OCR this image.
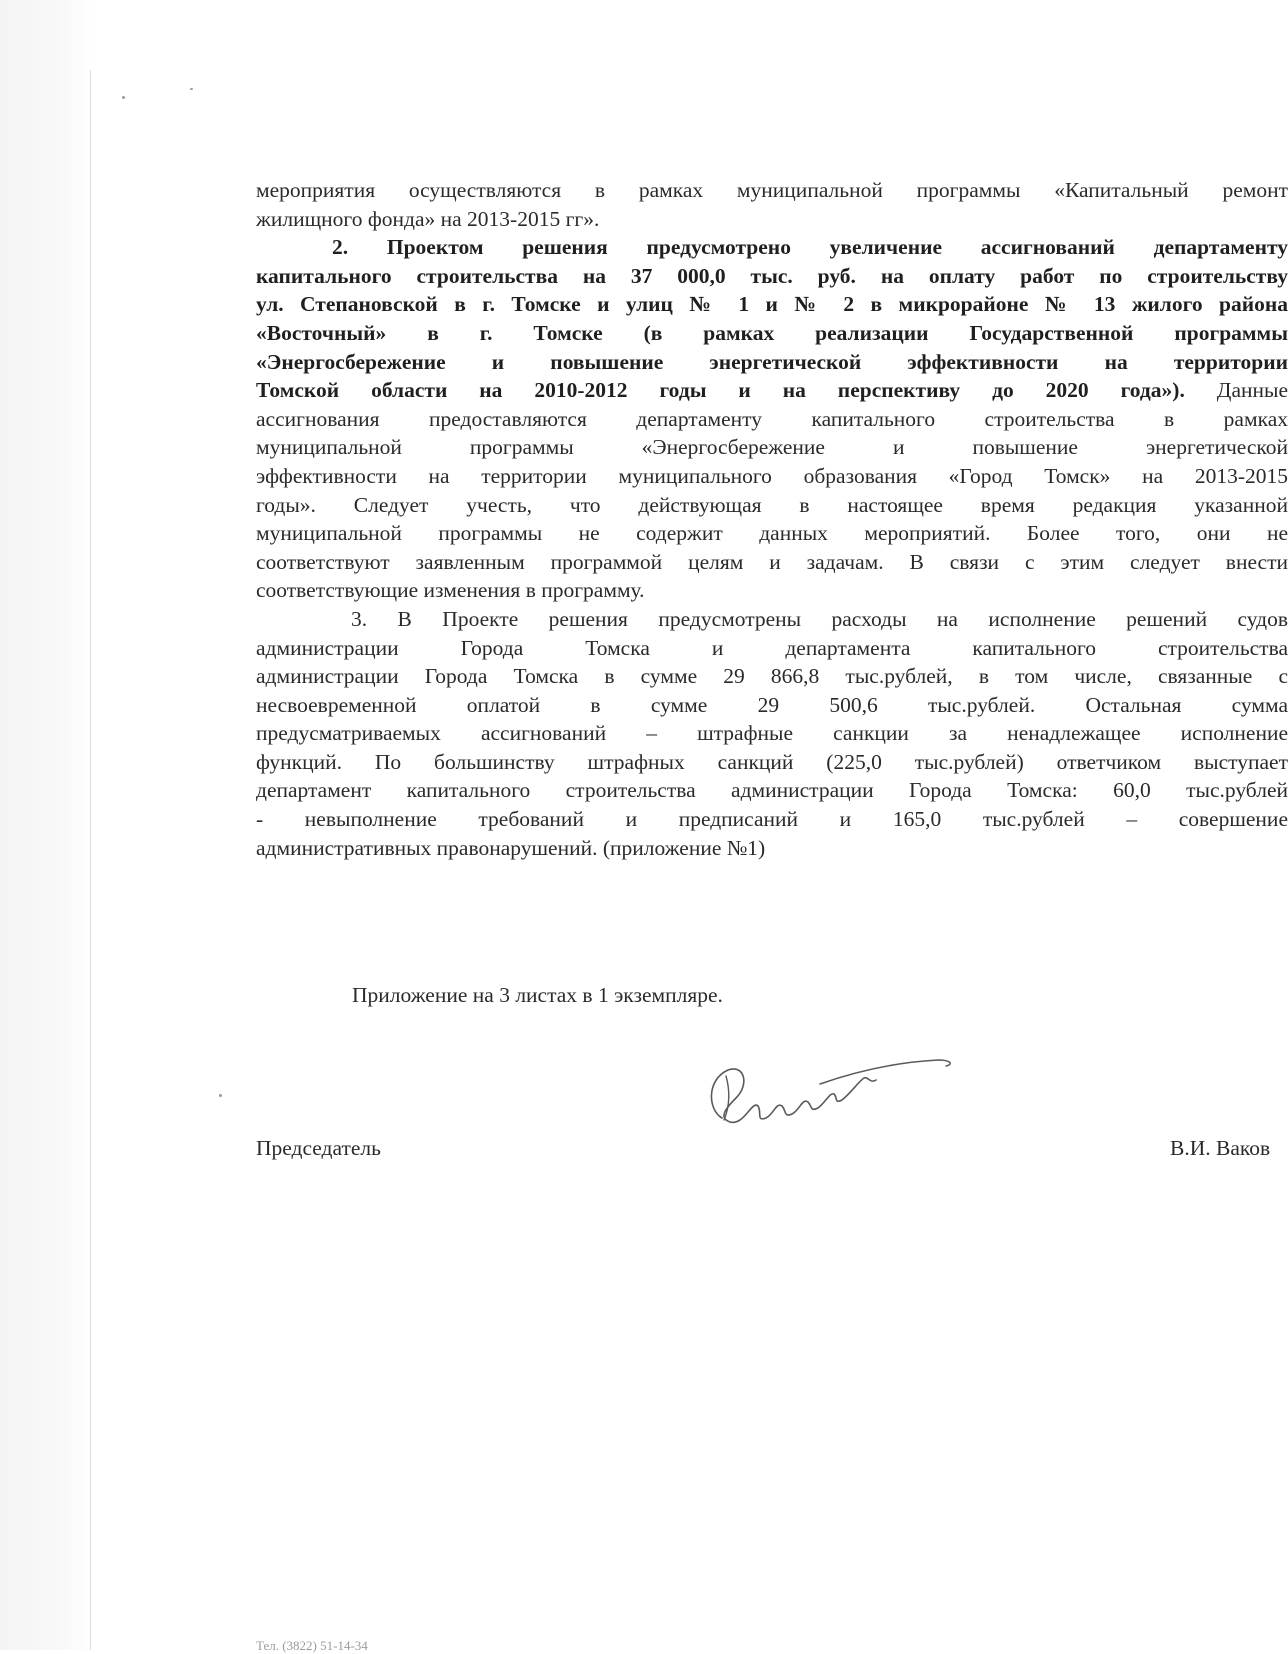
мероприятия осуществляются в рамках муниципальной программы «Капитальный ремонт
жилищного фонда» на 2013-2015 гг».

2. Проектом решения предусмотрено увеличение ассигнований департаменту
капитального строительства на 37 000,0 тыс. руб. на оплату работ по строительству
ул. Степановской в г. Томске и улиц № 1 и № 2 в микрорайоне № 13 жилого района
«Восточный» в г. Томске (в рамках реализации Государственной программы
«Энергосбережение и повышение энергетической эффективности на территории
Томской области на 2010-2012 годы и на перспективу до 2020 года»). Данные
ассигнования предоставляются департаменту капитального строительства в рамках
муниципальной программы «Энергосбережение и повышение энергетической
эффективности на территории муниципального образования «Город Томск» на 2013-2015
годы». Следует учесть, что действующая в настоящее время редакция указанной
муниципальной программы не содержит данных мероприятий. Более того, они не
соответствуют заявленным программой целям и задачам. В связи с этим следует внести
соответствующие изменения в программу.

3. В Проекте решения предусмотрены расходы на исполнение решений судов
администрации Города Томска и департамента капитального строительства
администрации Города Томска в сумме 29 866,8 тыс.рублей, в том числе, связанные с
несвоевременной оплатой в сумме 29 500,6 тыс.рублей. Остальная сумма
предусматриваемых ассигнований – штрафные санкции за ненадлежащее исполнение
функций. По большинству штрафных санкций (225,0 тыс.рублей) ответчиком выступает
департамент капитального строительства администрации Города Томска: 60,0 тыс.рублей
- невыполнение требований и предписаний и 165,0 тыс.рублей – совершение
административных правонарушений. (приложение №1)

Приложение на 3 листах в 1 экземпляре.
Председатель	В.И. Ваков
Тел. (3822) 51-14-34
